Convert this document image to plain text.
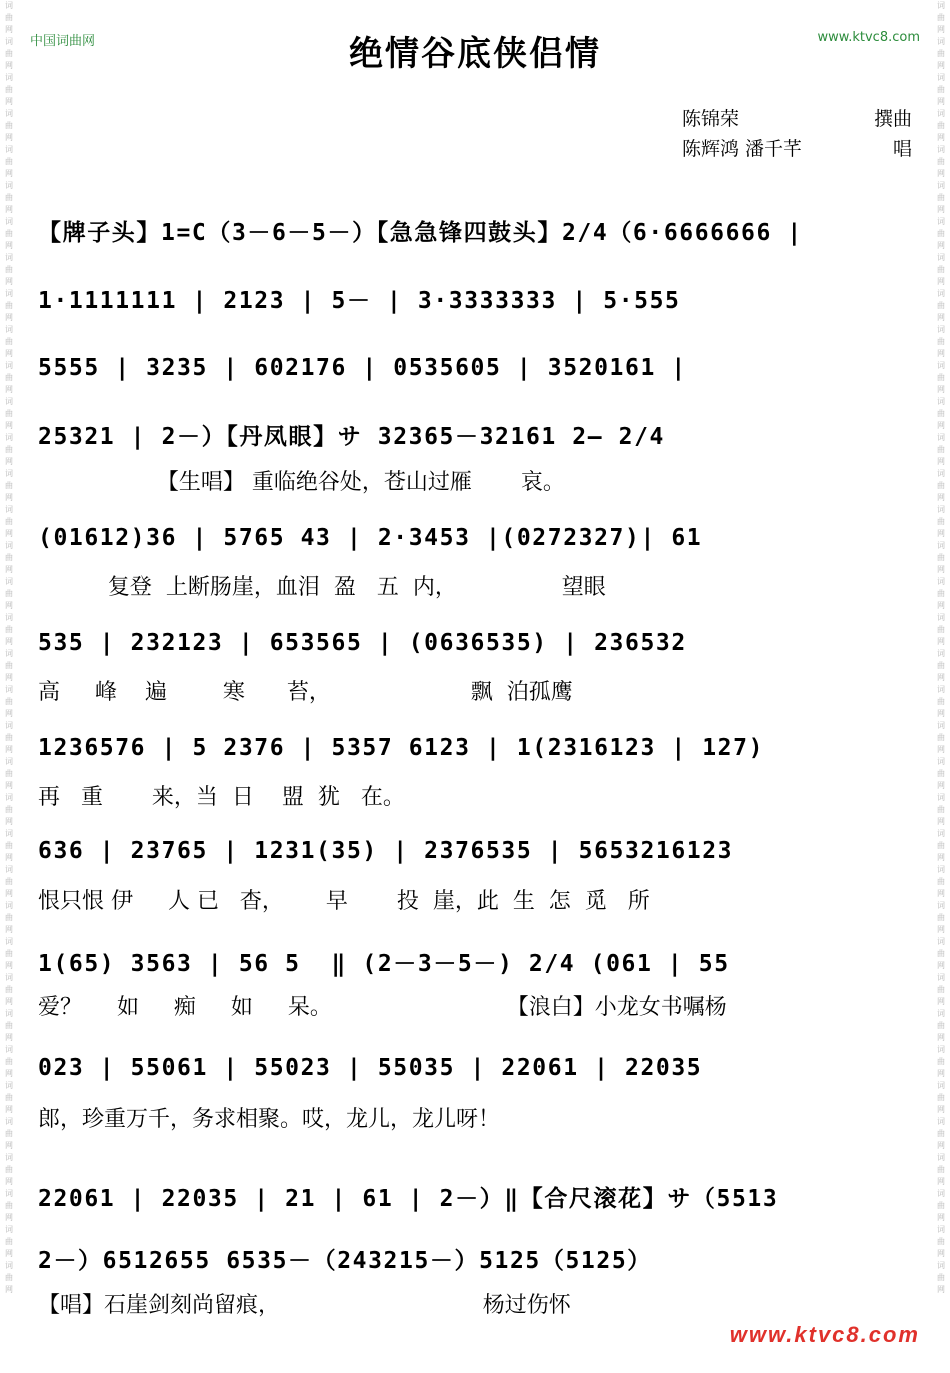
词 曲 网 词 曲 网 词 曲 网 词 曲 网 词 曲 网 词 曲 网 词 曲 网 词 曲 网 词 曲 网 词 曲 网 词 曲 网 词 曲 网 词 曲 网 词 曲 网 词 曲 网 词 曲 网 词 曲 网 词 曲 网 词 曲 网 词 曲 网 词 曲 网 词 曲 网 词 曲 网 词 曲 网 词 曲 网 词 曲 网 词 曲 网 词 曲 网 词 曲 网 词 曲 网 词 曲 网 词 曲 网 词 曲 网 词 曲 网 词 曲 网 词 曲 网
词 曲 网 词 曲 网 词 曲 网 词 曲 网 词 曲 网 词 曲 网 词 曲 网 词 曲 网 词 曲 网 词 曲 网 词 曲 网 词 曲 网 词 曲 网 词 曲 网 词 曲 网 词 曲 网 词 曲 网 词 曲 网 词 曲 网 词 曲 网 词 曲 网 词 曲 网 词 曲 网 词 曲 网 词 曲 网 词 曲 网 词 曲 网 词 曲 网 词 曲 网 词 曲 网 词 曲 网 词 曲 网 词 曲 网 词 曲 网 词 曲 网 词 曲 网
中国词曲网	www.ktvc8.com
绝情谷底侠侣情
陈锦荣	撰曲
陈辉鸿 潘千芊	唱
【牌子头】1=C（3－6－5－）【急急锋四鼓头】2/4（6·6666666 |
1·1111111 | 2123 | 5－ | 3·3333333 | 5·555
5555 | 3235 | 602176 | 0535605 | 3520161 |
25321 | 2－）【丹凤眼】サ 32365－32161 2— 2/4
【生唱】 重临绝谷处，苍山过雁       哀。
(01612)36 | 5765 43 | 2·3453 |(0272327)| 61
复登  上断肠崖，血泪  盈   五  内，               望眼
535 | 232123 | 653565 | (0636535) | 236532
高     峰    遍        寒      苔，                    飘  泊孤鹰
1236576 | 5 2376 | 5357 6123 | 1(2316123 | 127)
再   重       来，当  日    盟  犹   在。
636 | 23765 | 1231(35) | 2376535 | 5653216123
恨只恨 伊     人 已   杳，      早       投  崖，此  生  怎  觅   所
1(65) 3563 | 56 5  ‖ (2－3－5－) 2/4 (061 | 55
爱？     如     痴     如     呆。                         【浪白】小龙女书嘱杨
023 | 55061 | 55023 | 55035 | 22061 | 22035
郎，珍重万千，务求相聚。哎，龙儿，龙儿呀！
22061 | 22035 | 21 | 61 | 2－）‖【合尺滚花】サ（5513
2－）6512655 6535－（243215－）5125（5125）
【唱】石崖剑刻尚留痕，                             杨过伤怀
www.ktvc8.com
